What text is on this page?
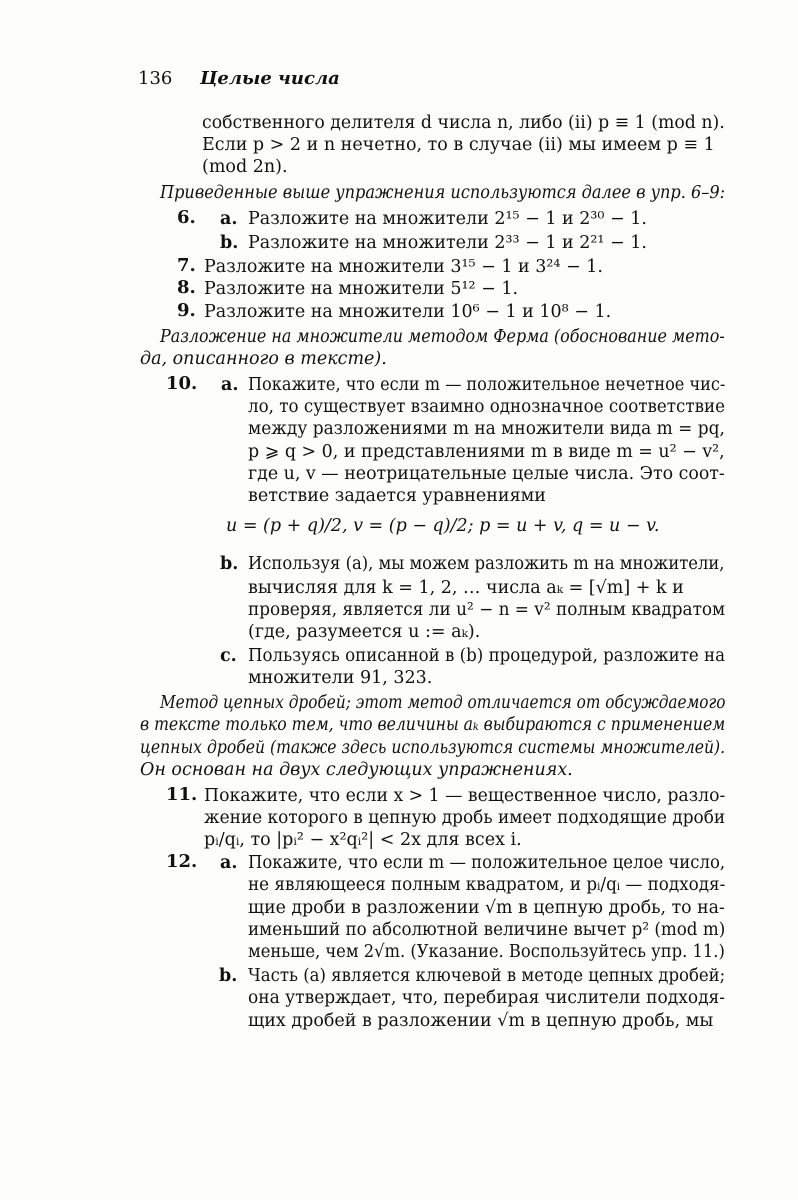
136 Целые числа
собственного делителя d числа n, либо (ii) p ≡ 1 (mod n).
Если p > 2 и n нечетно, то в случае (ii) мы имеем p ≡ 1
(mod 2n).
Приведенные выше упражнения используются далее в упр. 6–9:
6. a. Разложите на множители 2¹⁵ − 1 и 2³⁰ − 1.
b. Разложите на множители 2³³ − 1 и 2²¹ − 1.
7. Разложите на множители 3¹⁵ − 1 и 3²⁴ − 1.
8. Разложите на множители 5¹² − 1.
9. Разложите на множители 10⁶ − 1 и 10⁸ − 1.
Разложение на множители методом Ферма (обоснование мето-
да, описанного в тексте).
10. a. Покажите, что если m — положительное нечетное чис-
ло, то существует взаимно однозначное соответствие
между разложениями m на множители вида m = pq,
p ⩾ q > 0, и представлениями m в виде m = u² − v²,
где u, v — неотрицательные целые числа. Это соот-
ветствие задается уравнениями
u = (p + q)/2, v = (p − q)/2; p = u + v, q = u − v.
b. Используя (a), мы можем разложить m на множители,
вычисляя для k = 1, 2, … числа aₖ = [√m] + k и
проверяя, является ли u² − n = v² полным квадратом
(где, разумеется u := aₖ).
c. Пользуясь описанной в (b) процедурой, разложите на
множители 91, 323.
Метод цепных дробей; этот метод отличается от обсуждаемого
в тексте только тем, что величины aₖ выбираются с применением
цепных дробей (также здесь используются системы множителей).
Он основан на двух следующих упражнениях.
11. Покажите, что если x > 1 — вещественное число, разло-
жение которого в цепную дробь имеет подходящие дроби
pᵢ/qᵢ, то |pᵢ² − x²qᵢ²| < 2x для всех i.
12. a. Покажите, что если m — положительное целое число,
не являющееся полным квадратом, и pᵢ/qᵢ — подходя-
щие дроби в разложении √m в цепную дробь, то на-
именьший по абсолютной величине вычет p² (mod m)
меньше, чем 2√m. (Указание. Воспользуйтесь упр. 11.)
b. Часть (a) является ключевой в методе цепных дробей;
она утверждает, что, перебирая числители подходя-
щих дробей в разложении √m в цепную дробь, мы
